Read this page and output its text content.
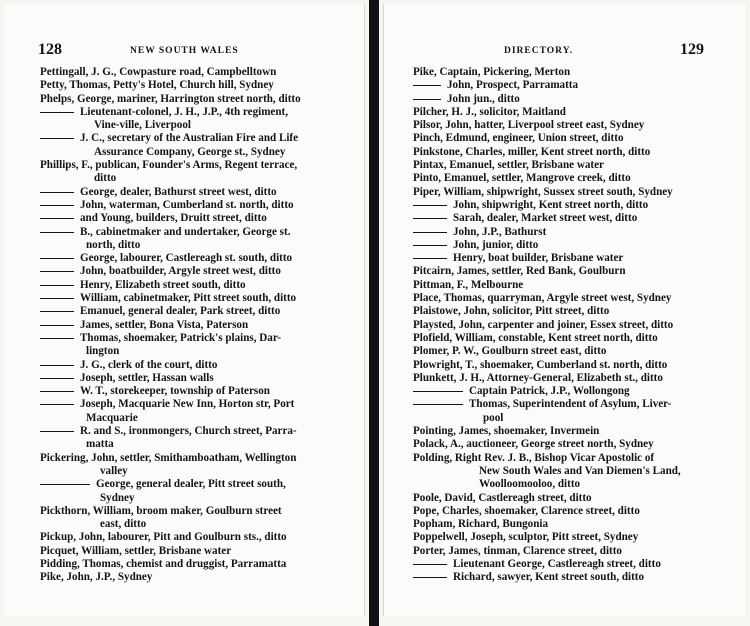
128	NEW SOUTH WALES
Pettingall, J. G., Cowpasture road, Campbelltown
Petty, Thomas, Petty's Hotel, Church hill, Sydney
Phelps, George, mariner, Harrington street north, ditto
Lieutenant-colonel, J. H., J.P., 4th regiment,
Vine-ville, Liverpool
J. C., secretary of the Australian Fire and Life
Assurance Company, George st., Sydney
Phillips, F., publican, Founder's Arms, Regent terrace,
ditto
George, dealer, Bathurst street west, ditto
John, waterman, Cumberland st. north, ditto
and Young, builders, Druitt street, ditto
B., cabinetmaker and undertaker, George st.
north, ditto
George, labourer, Castlereagh st. south, ditto
John, boatbuilder, Argyle street west, ditto
Henry, Elizabeth street south, ditto
William, cabinetmaker, Pitt street south, ditto
Emanuel, general dealer, Park street, ditto
James, settler, Bona Vista, Paterson
Thomas, shoemaker, Patrick's plains, Dar-
lington
J. G., clerk of the court, ditto
Joseph, settler, Hassan walls
W. T., storekeeper, township of Paterson
Joseph, Macquarie New Inn, Horton str, Port
Macquarie
R. and S., ironmongers, Church street, Parra-
matta
Pickering, John, settler, Smithamboatham, Wellington
valley
George, general dealer, Pitt street south,
Sydney
Pickthorn, William, broom maker, Goulburn street
east, ditto
Pickup, John, labourer, Pitt and Goulburn sts., ditto
Picquet, William, settler, Brisbane water
Pidding, Thomas, chemist and druggist, Parramatta
Pike, John, J.P., Sydney
DIRECTORY.	129
Pike, Captain, Pickering, Merton
John, Prospect, Parramatta
John jun., ditto
Pilcher, H. J., solicitor, Maitland
Pilsor, John, hatter, Liverpool street east, Sydney
Pinch, Edmund, engineer, Union street, ditto
Pinkstone, Charles, miller, Kent street north, ditto
Pintax, Emanuel, settler, Brisbane water
Pinto, Emanuel, settler, Mangrove creek, ditto
Piper, William, shipwright, Sussex street south, Sydney
John, shipwright, Kent street north, ditto
Sarah, dealer, Market street west, ditto
John, J.P., Bathurst
John, junior, ditto
Henry, boat builder, Brisbane water
Pitcairn, James, settler, Red Bank, Goulburn
Pittman, F., Melbourne
Place, Thomas, quarryman, Argyle street west, Sydney
Plaistowe, John, solicitor, Pitt street, ditto
Playsted, John, carpenter and joiner, Essex street, ditto
Plofield, William, constable, Kent street north, ditto
Plomer, P. W., Goulburn street east, ditto
Plowright, T., shoemaker, Cumberland st. north, ditto
Plunkett, J. H., Attorney-General, Elizabeth st., ditto
Captain Patrick, J.P., Wollongong
Thomas, Superintendent of Asylum, Liver-
pool
Pointing, James, shoemaker, Invermein
Polack, A., auctioneer, George street north, Sydney
Polding, Right Rev. J. B., Bishop Vicar Apostolic of
New South Wales and Van Diemen's Land,
Woolloomooloo, ditto
Poole, David, Castlereagh street, ditto
Pope, Charles, shoemaker, Clarence street, ditto
Popham, Richard, Bungonia
Poppelwell, Joseph, sculptor, Pitt street, Sydney
Porter, James, tinman, Clarence street, ditto
Lieutenant George, Castlereagh street, ditto
Richard, sawyer, Kent street south, ditto
